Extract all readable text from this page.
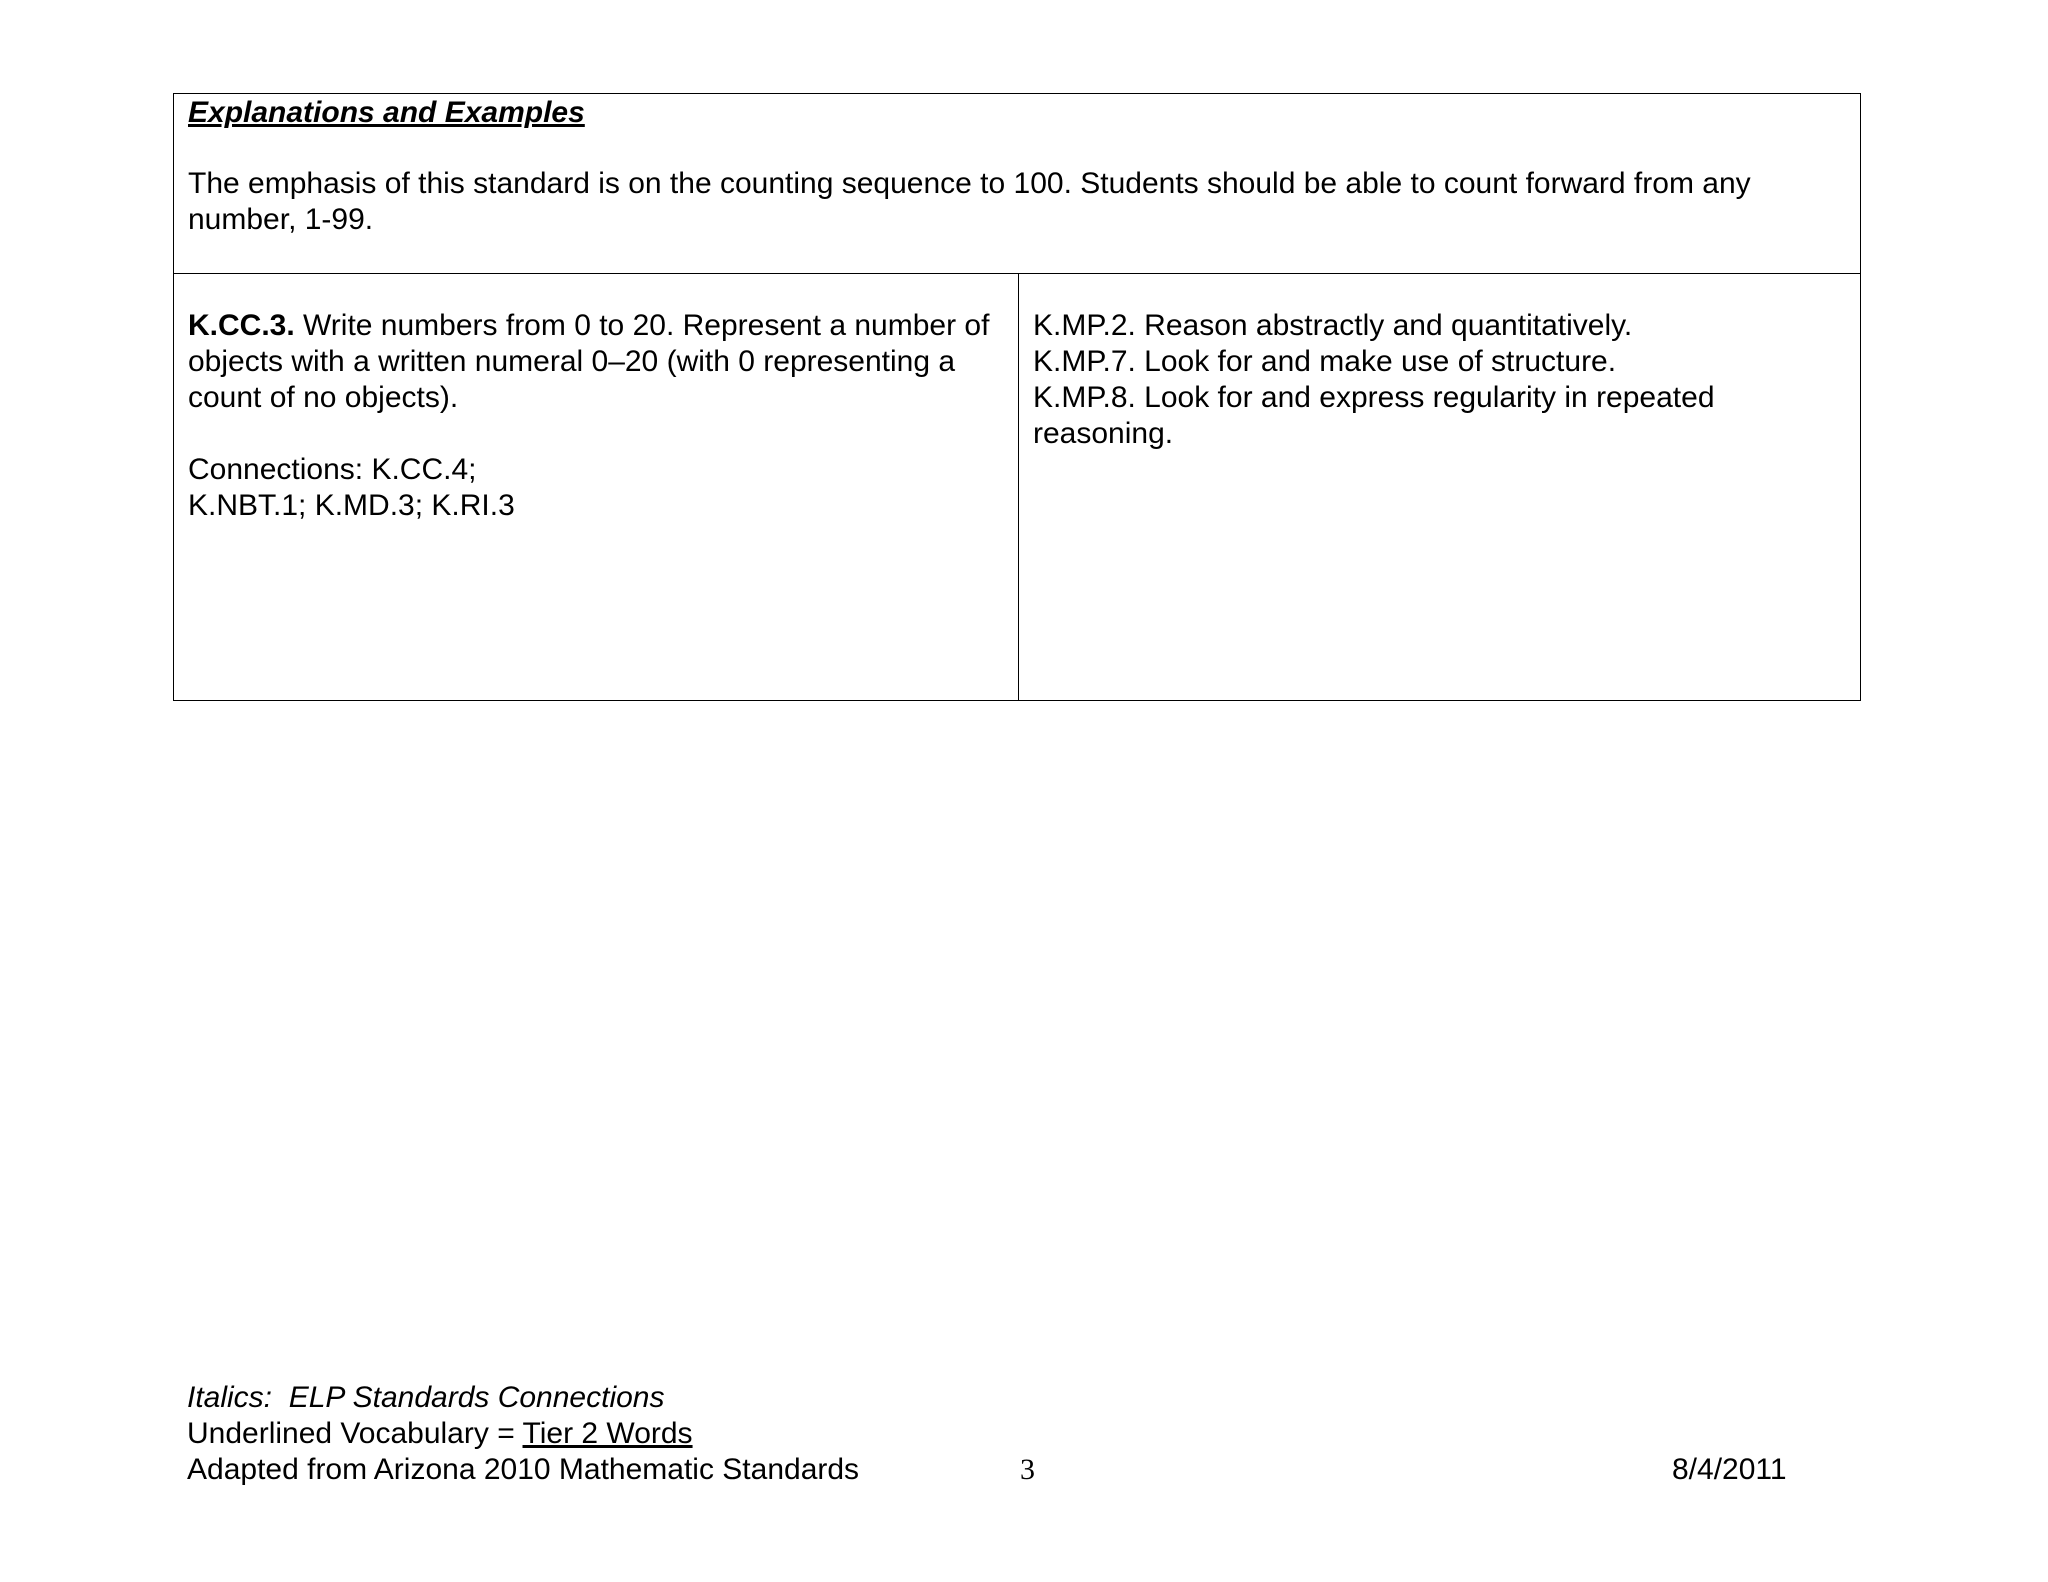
Explanations and Examples
The emphasis of this standard is on the counting sequence to 100. Students should be able to count forward from any number, 1-99.
K.CC.3. Write numbers from 0 to 20. Represent a number of objects with a written numeral 0–20 (with 0 representing a count of no objects).
Connections: K.CC.4;
K.NBT.1; K.MD.3; K.RI.3
K.MP.2. Reason abstractly and quantitatively.
K.MP.7. Look for and make use of structure.
K.MP.8. Look for and express regularity in repeated reasoning.
Italics:  ELP Standards Connections
Underlined Vocabulary = Tier 2 Words
Adapted from Arizona 2010 Mathematic Standards	3	8/4/2011
